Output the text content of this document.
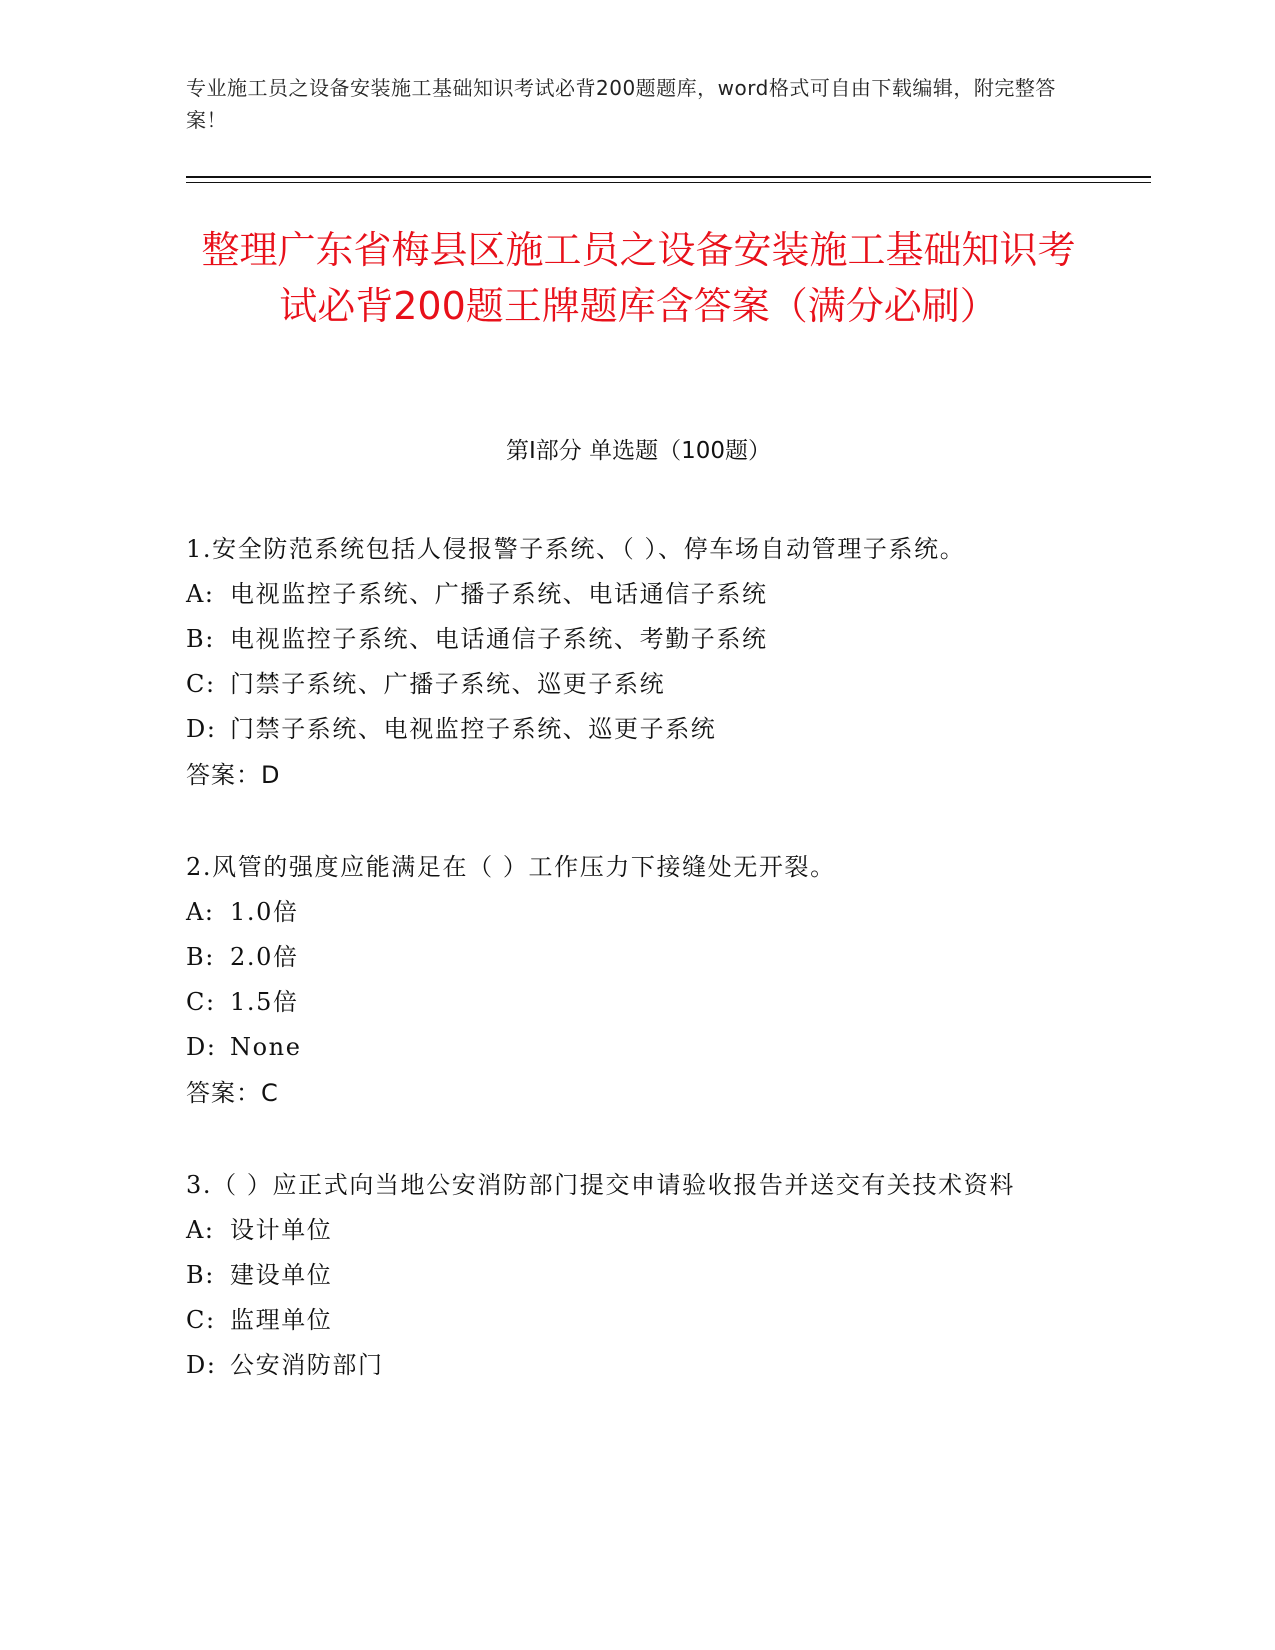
专业施工员之设备安装施工基础知识考试必背200题题库，word格式可自由下载编辑，附完整答案！
整理广东省梅县区施工员之设备安装施工基础知识考试必背200题王牌题库含答案（满分必刷）
第I部分 单选题（100题）
1.安全防范系统包括人侵报警子系统、（ ）、停车场自动管理子系统。
A: 电视监控子系统、广播子系统、电话通信子系统
B: 电视监控子系统、电话通信子系统、考勤子系统
C: 门禁子系统、广播子系统、巡更子系统
D: 门禁子系统、电视监控子系统、巡更子系统
答案：D
2.风管的强度应能满足在（ ）工作压力下接缝处无开裂。
A: 1.0倍
B: 2.0倍
C: 1.5倍
D: None
答案：C
3.（ ）应正式向当地公安消防部门提交申请验收报告并送交有关技术资料
A: 设计单位
B: 建设单位
C: 监理单位
D: 公安消防部门
